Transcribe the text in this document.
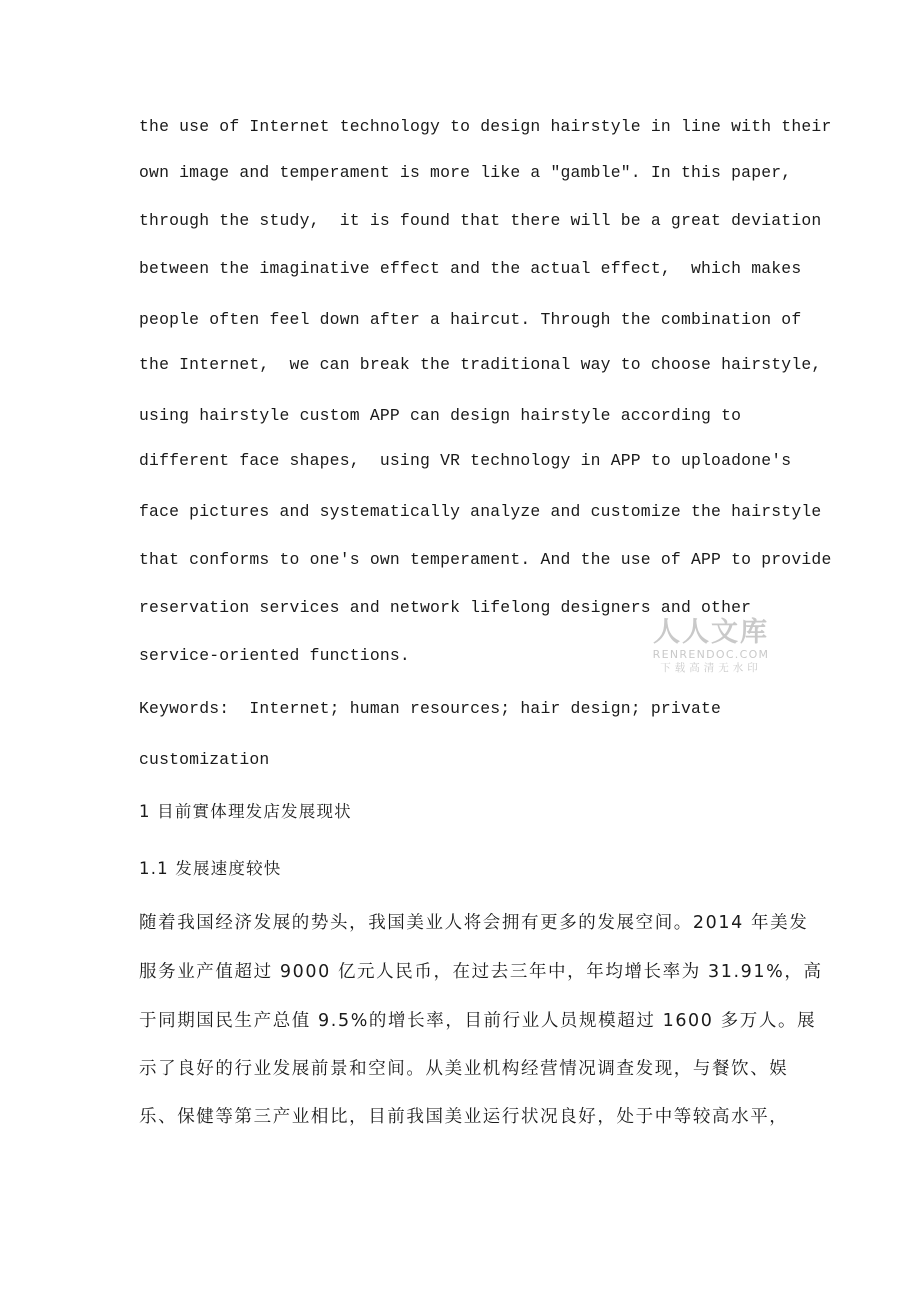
the use of Internet technology to design hairstyle in line with their
own image and temperament is more like a "gamble". In this paper,
through the study,  it is found that there will be a great deviation
between the imaginative effect and the actual effect,  which makes
people often feel down after a haircut. Through the combination of
the Internet,  we can break the traditional way to choose hairstyle,
using hairstyle custom APP can design hairstyle according to
different face shapes,  using VR technology in APP to uploadone's
face pictures and systematically analyze and customize the hairstyle
that conforms to one's own temperament. And the use of APP to provide
reservation services and network lifelong designers and other
service-oriented functions.
人人文库
RENRENDOC.COM
下载高清无水印
Keywords:  Internet; human resources; hair design; private
customization
1 目前實体理发店发展现状
1.1 发展速度较快
随着我国经济发展的势头，我国美业人将会拥有更多的发展空间。2014 年美发
服务业产值超过 9000 亿元人民币，在过去三年中，年均增长率为 31.91%，高
于同期国民生产总值 9.5%的增长率，目前行业人员规模超过 1600 多万人。展
示了良好的行业发展前景和空间。从美业机构经营情况调查发现，与餐饮、娱
乐、保健等第三产业相比，目前我国美业运行状况良好，处于中等较高水平，
